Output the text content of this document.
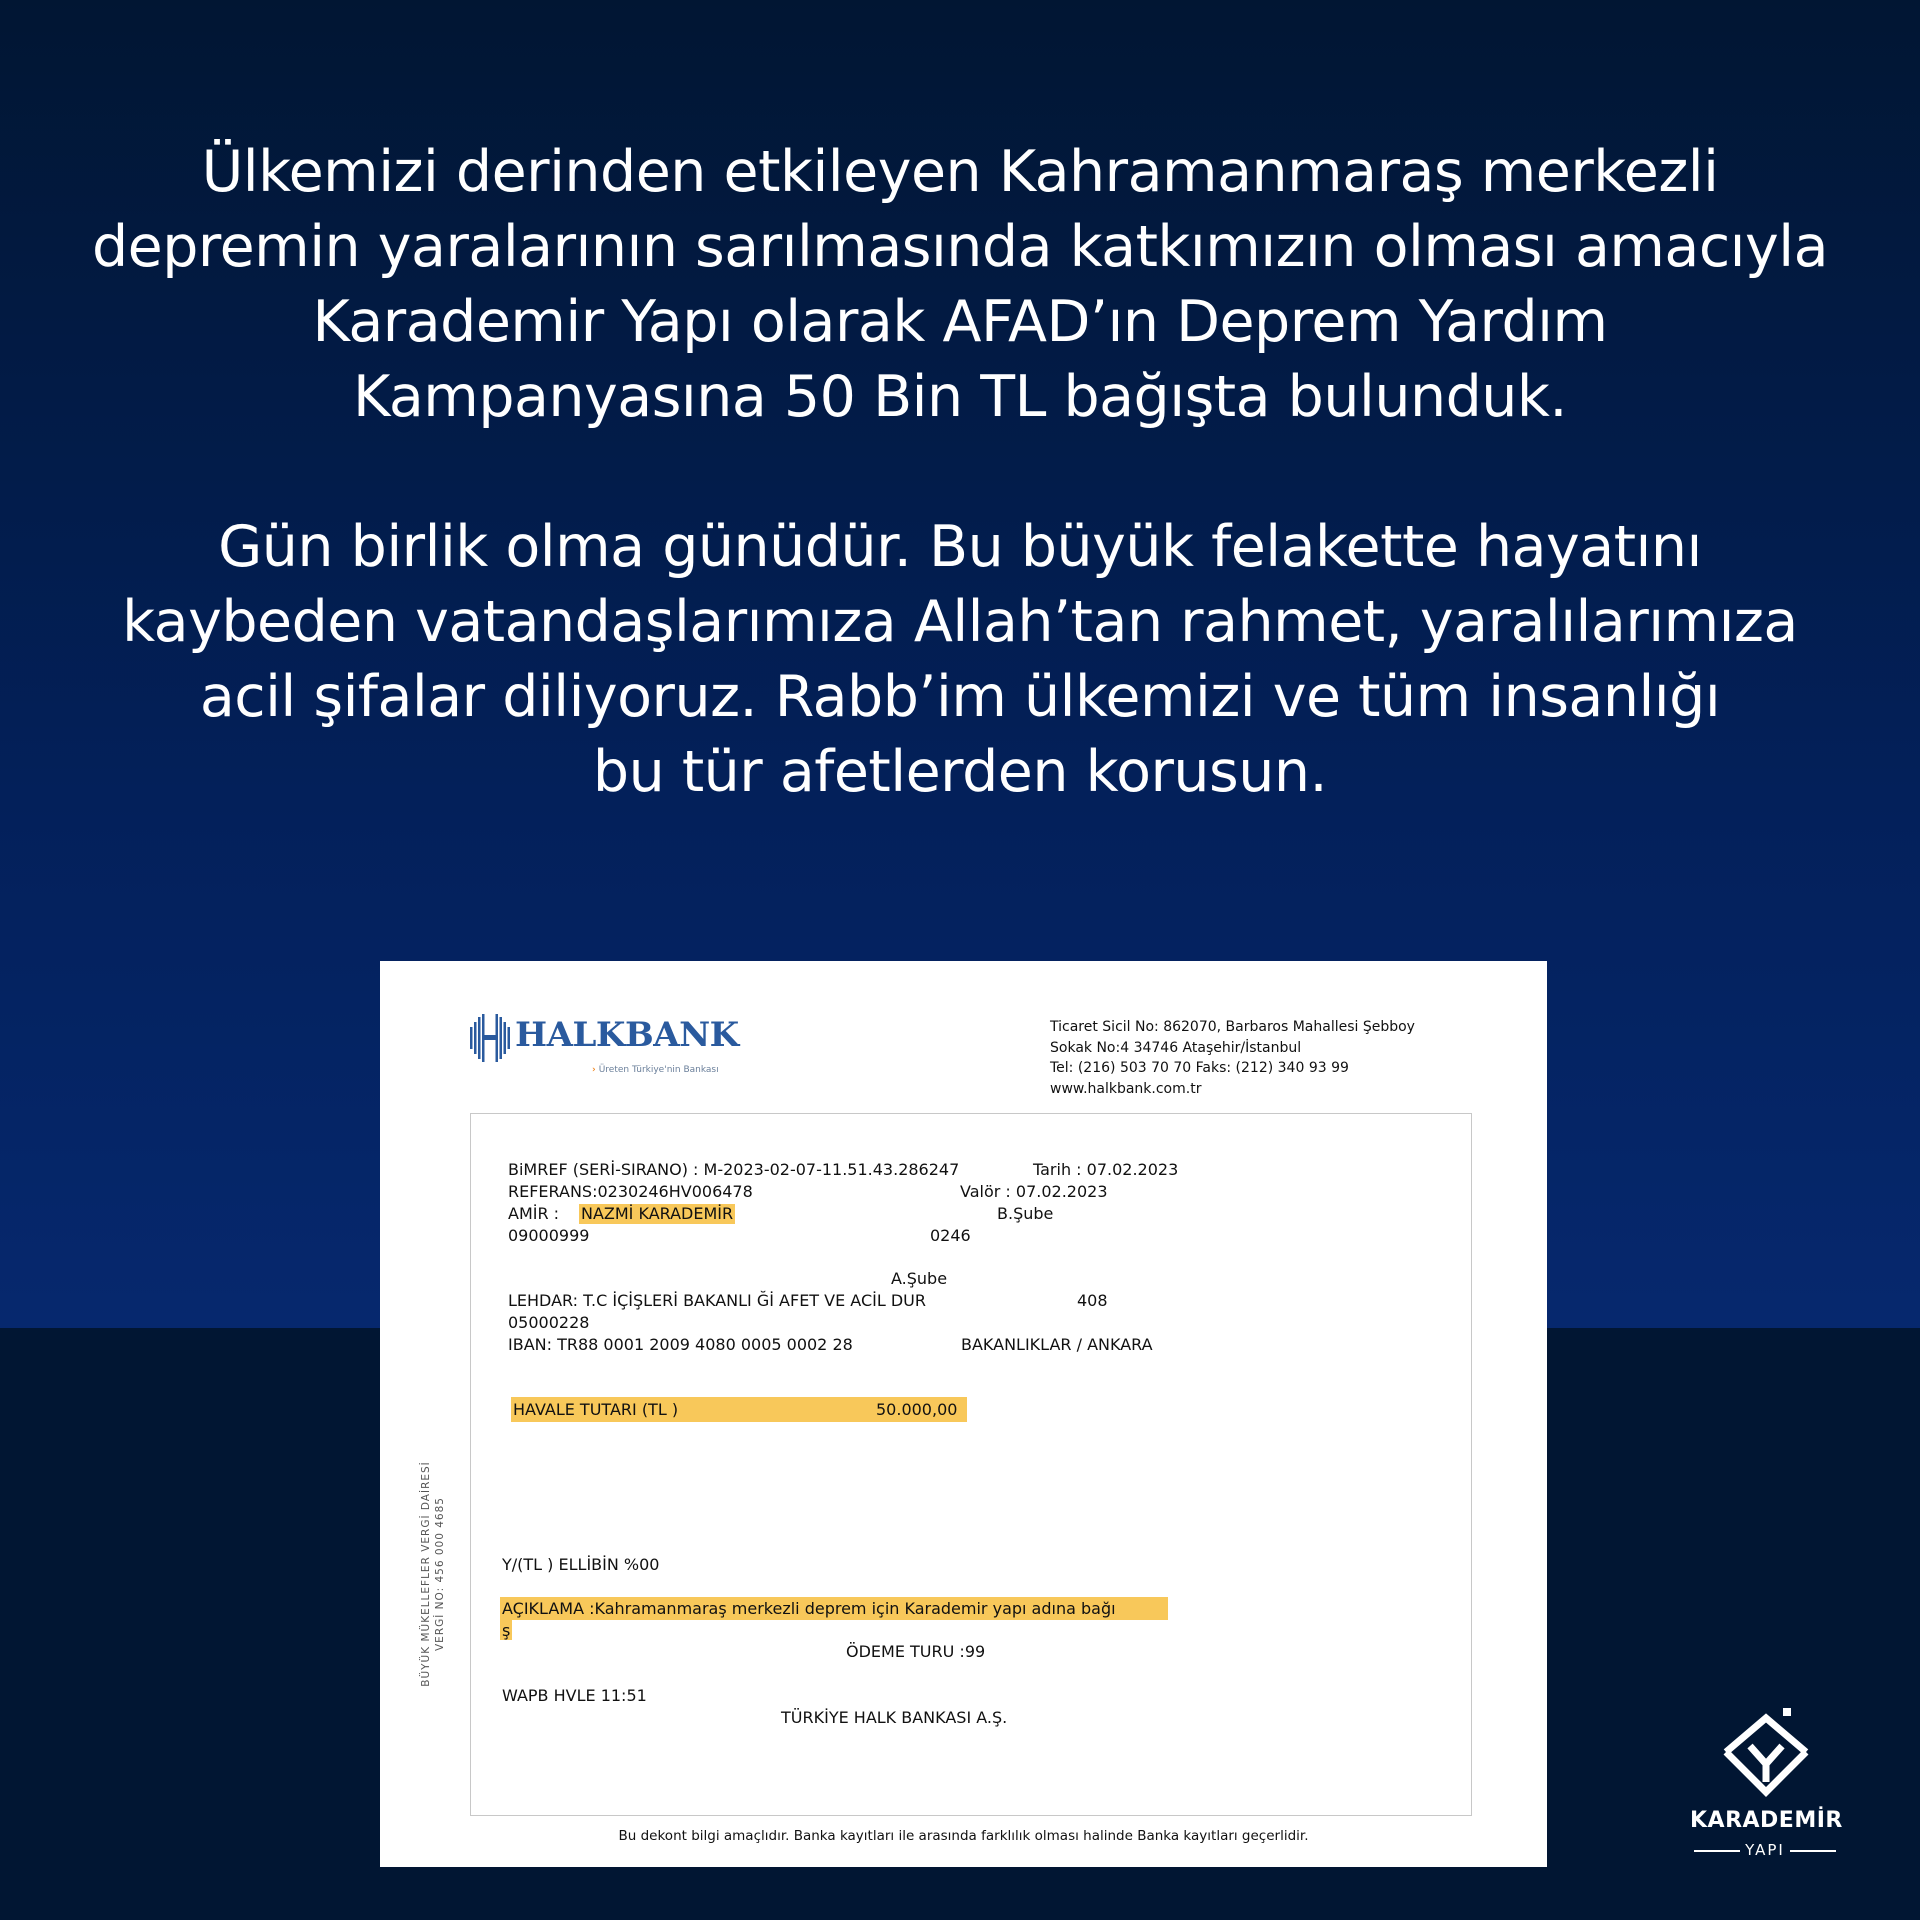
Ülkemizi derinden etkileyen Kahramanmaraş merkezli
depremin yaralarının sarılmasında katkımızın olması amacıyla
Karademir Yapı olarak AFAD’ın Deprem Yardım
Kampanyasına 50 Bin TL bağışta bulunduk.

Gün birlik olma günüdür. Bu büyük felakette hayatını
kaybeden vatandaşlarımıza Allah’tan rahmet, yaralılarımıza
acil şifalar diliyoruz. Rabb’im ülkemizi ve tüm insanlığı
bu tür afetlerden korusun.

HALKBANK
› Üreten Türkiye'nin Bankası
Ticaret Sicil No: 862070, Barbaros Mahallesi Şebboy
Sokak No:4 34746 Ataşehir/İstanbul
Tel: (216) 503 70 70 Faks: (212) 340 93 99
www.halkbank.com.tr
BÜYÜK MÜKELLEFLER VERGİ DAİRESİ VERGİ NO: 456 000 4685
BiMREF (SERİ-SIRANO) : M-2023-02-07-11.51.43.286247	Tarih : 07.02.2023
REFERANS:0230246HV006478	Valör : 07.02.2023
AMİR : NAZMİ KARADEMİR	B.Şube
09000999	0246
A.Şube
LEHDAR: T.C İÇİŞLERİ BAKANLI Ğİ AFET VE ACİL DUR	408
05000228
IBAN: TR88 0001 2009 4080 0005 0002 28	BAKANLIKLAR / ANKARA
HAVALE TUTARI (TL )	50.000,00
Y/(TL ) ELLİBİN %00
AÇIKLAMA :Kahramanmaraş merkezli deprem için Karademir yapı adına bağı
ş
ÖDEME TURU :99
WAPB HVLE 11:51
TÜRKİYE HALK BANKASI A.Ş.
Bu dekont bilgi amaçlıdır. Banka kayıtları ile arasında farklılık olması halinde Banka kayıtları geçerlidir.
KARADEMİR
YAPI
